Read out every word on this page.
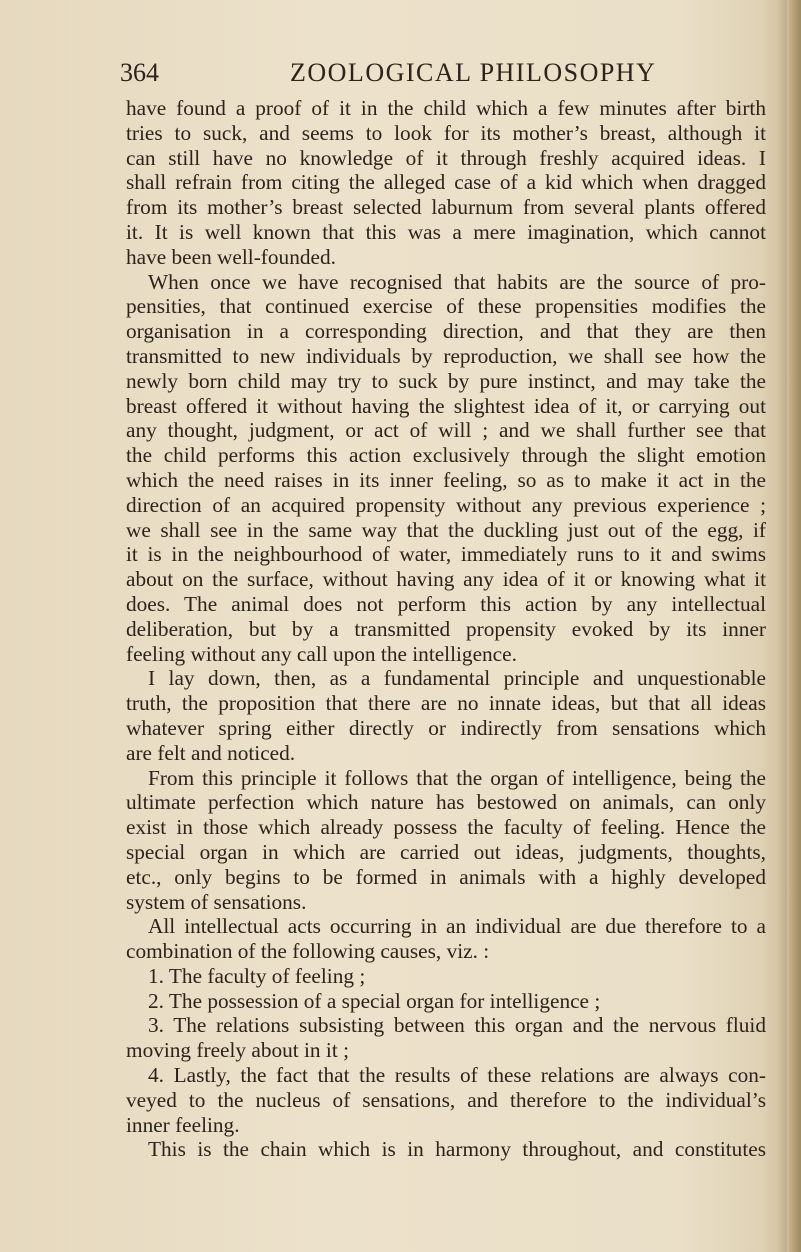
364	ZOOLOGICAL PHILOSOPHY
have found a proof of it in the child which a few minutes after birth
tries to suck, and seems to look for its mother’s breast, although it
can still have no knowledge of it through freshly acquired ideas. I
shall refrain from citing the alleged case of a kid which when dragged
from its mother’s breast selected laburnum from several plants offered
it. It is well known that this was a mere imagination, which cannot
have been well-founded.
When once we have recognised that habits are the source of pro-
pensities, that continued exercise of these propensities modifies the
organisation in a corresponding direction, and that they are then
transmitted to new individuals by reproduction, we shall see how the
newly born child may try to suck by pure instinct, and may take the
breast offered it without having the slightest idea of it, or carrying out
any thought, judgment, or act of will ; and we shall further see that
the child performs this action exclusively through the slight emotion
which the need raises in its inner feeling, so as to make it act in the
direction of an acquired propensity without any previous experience ;
we shall see in the same way that the duckling just out of the egg, if
it is in the neighbourhood of water, immediately runs to it and swims
about on the surface, without having any idea of it or knowing what it
does. The animal does not perform this action by any intellectual
deliberation, but by a transmitted propensity evoked by its inner
feeling without any call upon the intelligence.
I lay down, then, as a fundamental principle and unquestionable
truth, the proposition that there are no innate ideas, but that all ideas
whatever spring either directly or indirectly from sensations which
are felt and noticed.
From this principle it follows that the organ of intelligence, being the
ultimate perfection which nature has bestowed on animals, can only
exist in those which already possess the faculty of feeling. Hence the
special organ in which are carried out ideas, judgments, thoughts,
etc., only begins to be formed in animals with a highly developed
system of sensations.
All intellectual acts occurring in an individual are due therefore to a
combination of the following causes, viz. :
1. The faculty of feeling ;
2. The possession of a special organ for intelligence ;
3. The relations subsisting between this organ and the nervous fluid
moving freely about in it ;
4. Lastly, the fact that the results of these relations are always con-
veyed to the nucleus of sensations, and therefore to the individual’s
inner feeling.
This is the chain which is in harmony throughout, and constitutes
